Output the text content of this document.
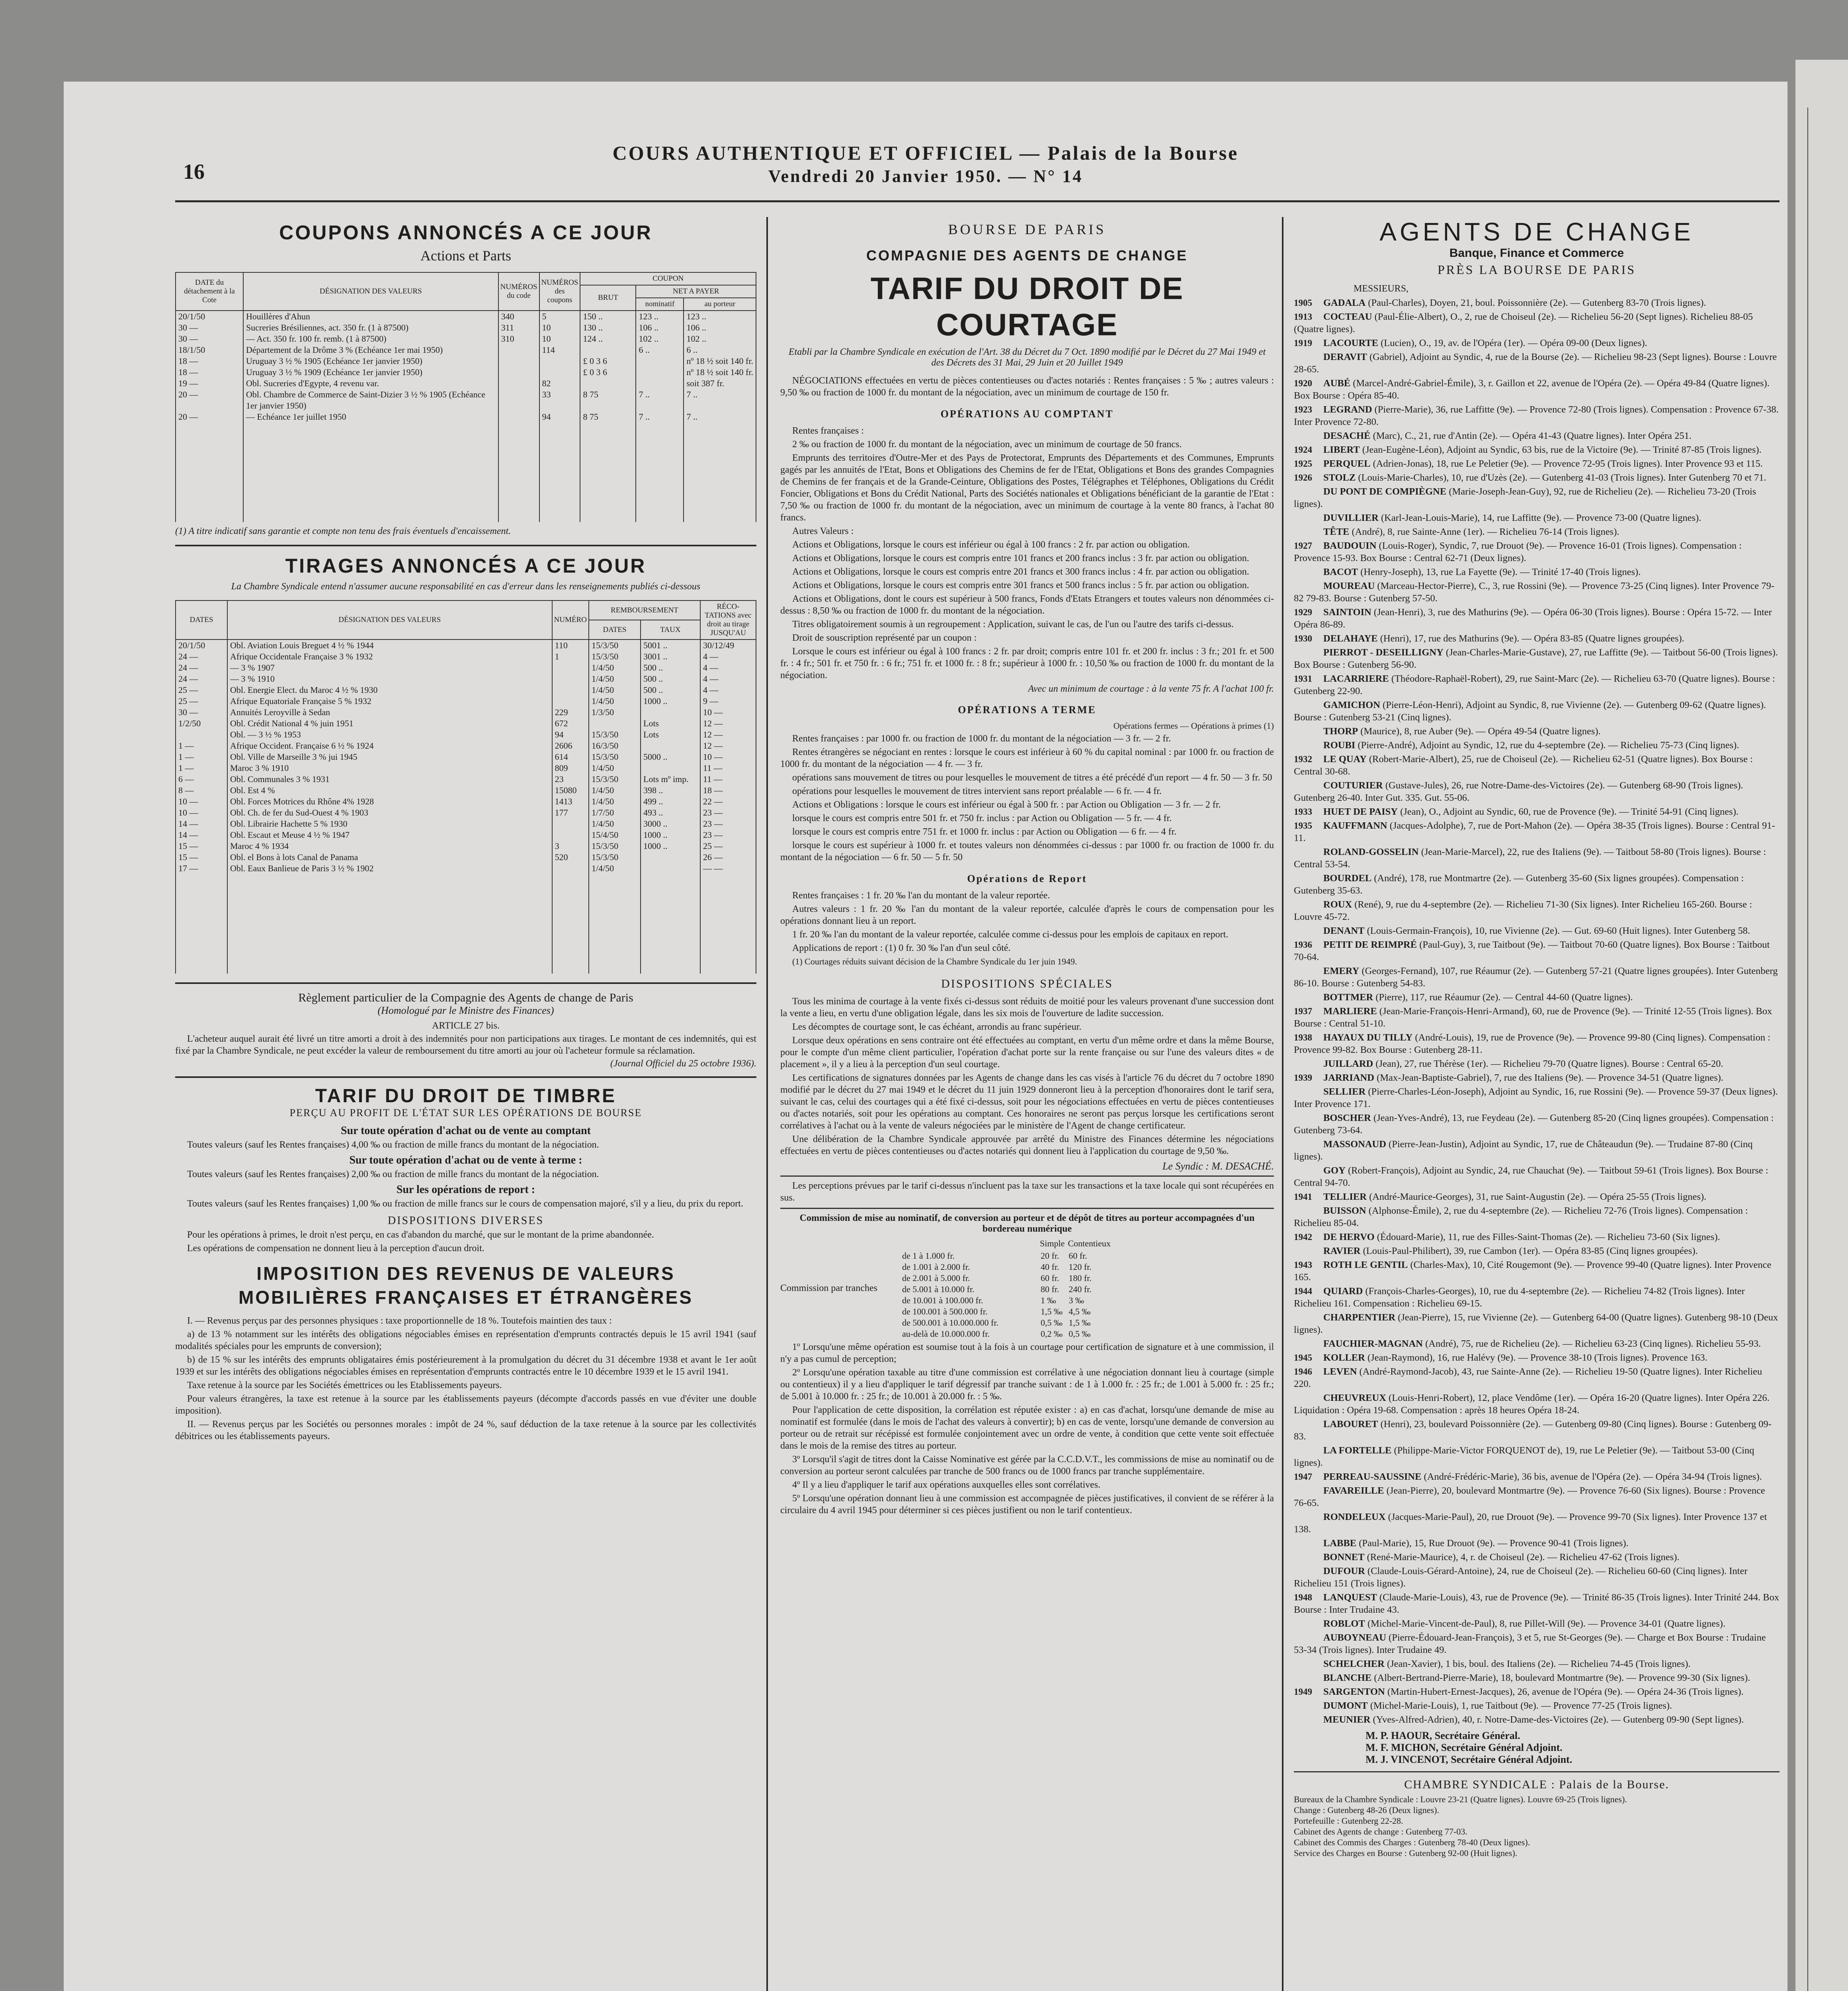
16
COURS AUTHENTIQUE ET OFFICIEL — Palais de la Bourse
Vendredi 20 Janvier 1950. — N° 14
COUPONS ANNONCÉS A CE JOUR
Actions et Parts
DATE du détachement à la Cote	DÉSIGNATION DES VALEURS	NUMÉROS du code	NUMÉROS des coupons	COUPON		
				BRUT	NET A PAYER	
					nominatif	au porteur
20/1/50	Houillères d'Ahun	340	5	150 ..	123 ..	123 ..
30 —	Sucreries Brésiliennes, act. 350 fr. (1 à 87500)	311	10	130 ..	106 ..	106 ..
30 —	— Act. 350 fr. 100 fr. remb. (1 à 87500)	310	10	124 ..	102 ..	102 ..
18/1/50	Département de la Drôme 3 % (Echéance 1er mai 1950)		114		6 ..	6 ..
18 —	Uruguay 3 ½ % 1905 (Echéance 1er janvier 1950)			£ 0 3 6		nº 18 ½ soit 140 fr.
18 —	Uruguay 3 ½ % 1909 (Echéance 1er janvier 1950)			£ 0 3 6		nº 18 ½ soit 140 fr.
19 —	Obl. Sucreries d'Egypte, 4 revenu var.		82			soit 387 fr.
20 —	Obl. Chambre de Commerce de Saint-Dizier 3 ½ % 1905 (Echéance 1er janvier 1950)		33	8 75	7 ..	7 ..
20 —	— Echéance 1er juillet 1950		94	8 75	7 ..	7 ..

(1) A titre indicatif sans garantie et compte non tenu des frais éventuels d'encaissement.
TIRAGES ANNONCÉS A CE JOUR
La Chambre Syndicale entend n'assumer aucune responsabilité en cas d'erreur dans les renseignements publiés ci-dessous
DATES	DÉSIGNATION DES VALEURS	NUMÉRO	REMBOURSEMENT		RÉCO- TATIONS avec droit au tirage JUSQU'AU
			DATES	TAUX	
20/1/50	Obl. Aviation Louis Breguet 4 ½ % 1944	110	15/3/50	5001 ..	30/12/49
24 —	Afrique Occidentale Française 3 % 1932	1	15/3/50	3001 ..	4 —
24 —	— 3 % 1907		1/4/50	500 ..	4 —
24 —	— 3 % 1910		1/4/50	500 ..	4 —
25 —	Obl. Energie Elect. du Maroc 4 ½ % 1930		1/4/50	500 ..	4 —
25 —	Afrique Equatoriale Française 5 % 1932		1/4/50	1000 ..	9 —
30 —	Annuités Leroyville à Sedan	229	1/3/50		10 —
1/2/50	Obl. Crédit National 4 % juin 1951	672		Lots	12 —
	Obl. — 3 ½ % 1953	94	15/3/50	Lots	12 —
1 —	Afrique Occident. Française 6 ½ % 1924	2606	16/3/50		12 —
1 —	Obl. Ville de Marseille 3 % jui 1945	614	15/3/50	5000 ..	10 —
1 —	Maroc 3 % 1910	809	1/4/50		11 —
6 —	Obl. Communales 3 % 1931	23	15/3/50	Lots mº imp.	11 —
8 —	Obl. Est 4 %	15080	1/4/50	398 ..	18 —
10 —	Obl. Forces Motrices du Rhône 4% 1928	1413	1/4/50	499 ..	22 —
10 —	Obl. Ch. de fer du Sud-Ouest 4 % 1903	177	1/7/50	493 ..	23 —
14 —	Obl. Librairie Hachette 5 % 1930		1/4/50	3000 ..	23 —
14 —	Obl. Escaut et Meuse 4 ½ % 1947		15/4/50	1000 ..	23 —
15 —	Maroc 4 % 1934	3	15/3/50	1000 ..	25 —
15 —	Obl. el Bons à lots Canal de Panama	520	15/3/50		26 —
17 —	Obl. Eaux Banlieue de Paris 3 ½ % 1902		1/4/50		— —

Règlement particulier de la Compagnie des Agents de change de Paris
(Homologué par le Ministre des Finances)
ARTICLE 27 bis.
L'acheteur auquel aurait été livré un titre amorti a droit à des indemnités pour non participations aux tirages. Le montant de ces indemnités, qui est fixé par la Chambre Syndicale, ne peut excéder la valeur de remboursement du titre amorti au jour où l'acheteur formule sa réclamation.
(Journal Officiel du 25 octobre 1936).
TARIF DU DROIT DE TIMBRE
PERÇU AU PROFIT DE L'ÉTAT SUR LES OPÉRATIONS DE BOURSE
Sur toute opération d'achat ou de vente au comptant
Toutes valeurs (sauf les Rentes françaises) 4,00 ‰ ou fraction de mille francs du montant de la négociation.
Sur toute opération d'achat ou de vente à terme :
Toutes valeurs (sauf les Rentes françaises) 2,00 ‰ ou fraction de mille francs du montant de la négociation.
Sur les opérations de report :
Toutes valeurs (sauf les Rentes françaises) 1,00 ‰ ou fraction de mille francs sur le cours de compensation majoré, s'il y a lieu, du prix du report.
DISPOSITIONS DIVERSES
Pour les opérations à primes, le droit n'est perçu, en cas d'abandon du marché, que sur le montant de la prime abandonnée.
Les opérations de compensation ne donnent lieu à la perception d'aucun droit.
IMPOSITION DES REVENUS DE VALEURS MOBILIÈRES FRANÇAISES ET ÉTRANGÈRES
I. — Revenus perçus par des personnes physiques : taxe proportionnelle de 18 %. Toutefois maintien des taux :
a) de 13 % notamment sur les intérêts des obligations négociables émises en représentation d'emprunts contractés depuis le 15 avril 1941 (sauf modalités spéciales pour les emprunts de conversion);
b) de 15 % sur les intérêts des emprunts obligataires émis postérieurement à la promulgation du décret du 31 décembre 1938 et avant le 1er août 1939 et sur les intérêts des obligations négociables émises en représentation d'emprunts contractés entre le 10 décembre 1939 et le 15 avril 1941.
Taxe retenue à la source par les Sociétés émettrices ou les Etablissements payeurs.
Pour valeurs étrangères, la taxe est retenue à la source par les établissements payeurs (décompte d'accords passés en vue d'éviter une double imposition).
II. — Revenus perçus par les Sociétés ou personnes morales : impôt de 24 %, sauf déduction de la taxe retenue à la source par les collectivités débitrices ou les établissements payeurs.
BOURSE DE PARIS
COMPAGNIE DES AGENTS DE CHANGE
TARIF DU DROIT DE COURTAGE
Etabli par la Chambre Syndicale en exécution de l'Art. 38 du Décret du 7 Oct. 1890 modifié par le Décret du 27 Mai 1949 et des Décrets des 31 Mai, 29 Juin et 20 Juillet 1949
NÉGOCIATIONS effectuées en vertu de pièces contentieuses ou d'actes notariés : Rentes françaises : 5 ‰ ; autres valeurs : 9,50 ‰ ou fraction de 1000 fr. du montant de la négociation, avec un minimum de courtage de 150 fr.
OPÉRATIONS AU COMPTANT
Rentes françaises :
2 ‰ ou fraction de 1000 fr. du montant de la négociation, avec un minimum de courtage de 50 francs.
Emprunts des territoires d'Outre-Mer et des Pays de Protectorat, Emprunts des Départements et des Communes, Emprunts gagés par les annuités de l'Etat, Bons et Obligations des Chemins de fer de l'Etat, Obligations et Bons des grandes Compagnies de Chemins de fer français et de la Grande-Ceinture, Obligations des Postes, Télégraphes et Téléphones, Obligations du Crédit Foncier, Obligations et Bons du Crédit National, Parts des Sociétés nationales et Obligations bénéficiant de la garantie de l'Etat : 7,50 ‰ ou fraction de 1000 fr. du montant de la négociation, avec un minimum de courtage à la vente 80 francs, à l'achat 80 francs.
Autres Valeurs :
Actions et Obligations, lorsque le cours est inférieur ou égal à 100 francs : 2 fr. par action ou obligation.
Actions et Obligations, lorsque le cours est compris entre 101 francs et 200 francs inclus : 3 fr. par action ou obligation.
Actions et Obligations, lorsque le cours est compris entre 201 francs et 300 francs inclus : 4 fr. par action ou obligation.
Actions et Obligations, lorsque le cours est compris entre 301 francs et 500 francs inclus : 5 fr. par action ou obligation.
Actions et Obligations, dont le cours est supérieur à 500 francs, Fonds d'Etats Etrangers et toutes valeurs non dénommées ci-dessus : 8,50 ‰ ou fraction de 1000 fr. du montant de la négociation.
Titres obligatoirement soumis à un regroupement : Application, suivant le cas, de l'un ou l'autre des tarifs ci-dessus.
Droit de souscription représenté par un coupon :
Lorsque le cours est inférieur ou égal à 100 francs : 2 fr. par droit; compris entre 101 fr. et 200 fr. inclus : 3 fr.; 201 fr. et 500 fr. : 4 fr.; 501 fr. et 750 fr. : 6 fr.; 751 fr. et 1000 fr. : 8 fr.; supérieur à 1000 fr. : 10,50 ‰ ou fraction de 1000 fr. du montant de la négociation.
Avec un minimum de courtage : à la vente 75 fr. A l'achat 100 fr.
OPÉRATIONS A TERME
Opérations fermes — Opérations à primes (1)
Rentes françaises : par 1000 fr. ou fraction de 1000 fr. du montant de la négociation — 3 fr. — 2 fr.
Rentes étrangères se négociant en rentes : lorsque le cours est inférieur à 60 % du capital nominal : par 1000 fr. ou fraction de 1000 fr. du montant de la négociation — 4 fr. — 3 fr.
opérations sans mouvement de titres ou pour lesquelles le mouvement de titres a été précédé d'un report — 4 fr. 50 — 3 fr. 50
opérations pour lesquelles le mouvement de titres intervient sans report préalable — 6 fr. — 4 fr.
Actions et Obligations : lorsque le cours est inférieur ou égal à 500 fr. : par Action ou Obligation — 3 fr. — 2 fr.
lorsque le cours est compris entre 501 fr. et 750 fr. inclus : par Action ou Obligation — 5 fr. — 4 fr.
lorsque le cours est compris entre 751 fr. et 1000 fr. inclus : par Action ou Obligation — 6 fr. — 4 fr.
lorsque le cours est supérieur à 1000 fr. et toutes valeurs non dénommées ci-dessus : par 1000 fr. ou fraction de 1000 fr. du montant de la négociation — 6 fr. 50 — 5 fr. 50
Opérations de Report
Rentes françaises : 1 fr. 20 ‰ l'an du montant de la valeur reportée.
Autres valeurs : 1 fr. 20 ‰ l'an du montant de la valeur reportée, calculée d'après le cours de compensation pour les opérations donnant lieu à un report.
1 fr. 20 ‰ l'an du montant de la valeur reportée, calculée comme ci-dessus pour les emplois de capitaux en report.
Applications de report : (1) 0 fr. 30 ‰ l'an d'un seul côté.
(1) Courtages réduits suivant décision de la Chambre Syndicale du 1er juin 1949.
DISPOSITIONS SPÉCIALES
Tous les minima de courtage à la vente fixés ci-dessus sont réduits de moitié pour les valeurs provenant d'une succession dont la vente a lieu, en vertu d'une obligation légale, dans les six mois de l'ouverture de ladite succession.
Les décomptes de courtage sont, le cas échéant, arrondis au franc supérieur.
Lorsque deux opérations en sens contraire ont été effectuées au comptant, en vertu d'un même ordre et dans la même Bourse, pour le compte d'un même client particulier, l'opération d'achat porte sur la rente française ou sur l'une des valeurs dites « de placement », il y a lieu à la perception d'un seul courtage.
Les certifications de signatures données par les Agents de change dans les cas visés à l'article 76 du décret du 7 octobre 1890 modifié par le décret du 27 mai 1949 et le décret du 11 juin 1929 donneront lieu à la perception d'honoraires dont le tarif sera, suivant le cas, celui des courtages qui a été fixé ci-dessus, soit pour les négociations effectuées en vertu de pièces contentieuses ou d'actes notariés, soit pour les opérations au comptant. Ces honoraires ne seront pas perçus lorsque les certifications seront corrélatives à l'achat ou à la vente de valeurs négociées par le ministère de l'Agent de change certificateur.
Une délibération de la Chambre Syndicale approuvée par arrêté du Ministre des Finances détermine les négociations effectuées en vertu de pièces contentieuses ou d'actes notariés qui donnent lieu à l'application du courtage de 9,50 ‰.
Le Syndic : M. DESACHÉ.
Les perceptions prévues par le tarif ci-dessus n'incluent pas la taxe sur les transactions et la taxe locale qui sont récupérées en sus.
Commission de mise au nominatif, de conversion au porteur et de dépôt de titres au porteur accompagnées d'un bordereau numérique
Commission par tranches
	Simple	Contentieux
de 1 à 1.000 fr.	20 fr.	60 fr.
de 1.001 à 2.000 fr.	40 fr.	120 fr.
de 2.001 à 5.000 fr.	60 fr.	180 fr.
de 5.001 à 10.000 fr.	80 fr.	240 fr.
de 10.001 à 100.000 fr.	1 ‰	3 ‰
de 100.001 à 500.000 fr.	1,5 ‰	4,5 ‰
de 500.001 à 10.000.000 fr.	0,5 ‰	1,5 ‰
au-delà de 10.000.000 fr.	0,2 ‰	0,5 ‰
1º Lorsqu'une même opération est soumise tout à la fois à un courtage pour certification de signature et à une commission, il n'y a pas cumul de perception;
2º Lorsqu'une opération taxable au titre d'une commission est corrélative à une négociation donnant lieu à courtage (simple ou contentieux) il y a lieu d'appliquer le tarif dégressif par tranche suivant : de 1 à 1.000 fr. : 25 fr.; de 1.001 à 5.000 fr. : 25 fr.; de 5.001 à 10.000 fr. : 25 fr.; de 10.001 à 20.000 fr. : 5 ‰.
Pour l'application de cette disposition, la corrélation est réputée exister : a) en cas d'achat, lorsqu'une demande de mise au nominatif est formulée (dans le mois de l'achat des valeurs à convertir); b) en cas de vente, lorsqu'une demande de conversion au porteur ou de retrait sur récépissé est formulée conjointement avec un ordre de vente, à condition que cette vente soit effectuée dans le mois de la remise des titres au porteur.
3º Lorsqu'il s'agit de titres dont la Caisse Nominative est gérée par la C.C.D.V.T., les commissions de mise au nominatif ou de conversion au porteur seront calculées par tranche de 500 francs ou de 1000 francs par tranche supplémentaire.
4º Il y a lieu d'appliquer le tarif aux opérations auxquelles elles sont corrélatives.
5º Lorsqu'une opération donnant lieu à une commission est accompagnée de pièces justificatives, il convient de se référer à la circulaire du 4 avril 1945 pour déterminer si ces pièces justifient ou non le tarif contentieux.
AGENTS DE CHANGE
Banque, Finance et Commerce
PRÈS LA BOURSE DE PARIS
MESSIEURS,
1905 GADALA (Paul-Charles), Doyen, 21, boul. Poissonnière (2e). — Gutenberg 83-70 (Trois lignes).
1913 COCTEAU (Paul-Élie-Albert), O., 2, rue de Choiseul (2e). — Richelieu 56-20 (Sept lignes). Richelieu 88-05 (Quatre lignes).
1919 LACOURTE (Lucien), O., 19, av. de l'Opéra (1er). — Opéra 09-00 (Deux lignes).
DERAVIT (Gabriel), Adjoint au Syndic, 4, rue de la Bourse (2e). — Richelieu 98-23 (Sept lignes). Bourse : Louvre 28-65.
1920 AUBÉ (Marcel-André-Gabriel-Émile), 3, r. Gaillon et 22, avenue de l'Opéra (2e). — Opéra 49-84 (Quatre lignes). Box Bourse : Opéra 85-40.
1923 LEGRAND (Pierre-Marie), 36, rue Laffitte (9e). — Provence 72-80 (Trois lignes). Compensation : Provence 67-38. Inter Provence 72-80.
DESACHÉ (Marc), C., 21, rue d'Antin (2e). — Opéra 41-43 (Quatre lignes). Inter Opéra 251.
1924 LIBERT (Jean-Eugène-Léon), Adjoint au Syndic, 63 bis, rue de la Victoire (9e). — Trinité 87-85 (Trois lignes).
1925 PERQUEL (Adrien-Jonas), 18, rue Le Peletier (9e). — Provence 72-95 (Trois lignes). Inter Provence 93 et 115.
1926 STOLZ (Louis-Marie-Charles), 10, rue d'Uzès (2e). — Gutenberg 41-03 (Trois lignes). Inter Gutenberg 70 et 71.
DU PONT DE COMPIÈGNE (Marie-Joseph-Jean-Guy), 92, rue de Richelieu (2e). — Richelieu 73-20 (Trois lignes).
DUVILLIER (Karl-Jean-Louis-Marie), 14, rue Laffitte (9e). — Provence 73-00 (Quatre lignes).
TÊTE (André), 8, rue Sainte-Anne (1er). — Richelieu 76-14 (Trois lignes).
1927 BAUDOUIN (Louis-Roger), Syndic, 7, rue Drouot (9e). — Provence 16-01 (Trois lignes). Compensation : Provence 15-93. Box Bourse : Central 62-71 (Deux lignes).
BACOT (Henry-Joseph), 13, rue La Fayette (9e). — Trinité 17-40 (Trois lignes).
MOUREAU (Marceau-Hector-Pierre), C., 3, rue Rossini (9e). — Provence 73-25 (Cinq lignes). Inter Provence 79-82 79-83. Bourse : Gutenberg 57-50.
1929 SAINTOIN (Jean-Henri), 3, rue des Mathurins (9e). — Opéra 06-30 (Trois lignes). Bourse : Opéra 15-72. — Inter Opéra 86-89.
1930 DELAHAYE (Henri), 17, rue des Mathurins (9e). — Opéra 83-85 (Quatre lignes groupées).
PIERROT - DESEILLIGNY (Jean-Charles-Marie-Gustave), 27, rue Laffitte (9e). — Taitbout 56-00 (Trois lignes). Box Bourse : Gutenberg 56-90.
1931 LACARRIERE (Théodore-Raphaël-Robert), 29, rue Saint-Marc (2e). — Richelieu 63-70 (Quatre lignes). Bourse : Gutenberg 22-90.
GAMICHON (Pierre-Léon-Henri), Adjoint au Syndic, 8, rue Vivienne (2e). — Gutenberg 09-62 (Quatre lignes). Bourse : Gutenberg 53-21 (Cinq lignes).
THORP (Maurice), 8, rue Auber (9e). — Opéra 49-54 (Quatre lignes).
ROUBI (Pierre-André), Adjoint au Syndic, 12, rue du 4-septembre (2e). — Richelieu 75-73 (Cinq lignes).
1932 LE QUAY (Robert-Marie-Albert), 25, rue de Choiseul (2e). — Richelieu 62-51 (Quatre lignes). Box Bourse : Central 30-68.
COUTURIER (Gustave-Jules), 26, rue Notre-Dame-des-Victoires (2e). — Gutenberg 68-90 (Trois lignes). Gutenberg 26-40. Inter Gut. 335. Gut. 55-06.
1933 HUET DE PAISY (Jean), O., Adjoint au Syndic, 60, rue de Provence (9e). — Trinité 54-91 (Cinq lignes).
1935 KAUFFMANN (Jacques-Adolphe), 7, rue de Port-Mahon (2e). — Opéra 38-35 (Trois lignes). Bourse : Central 91-11.
ROLAND-GOSSELIN (Jean-Marie-Marcel), 22, rue des Italiens (9e). — Taitbout 58-80 (Trois lignes). Bourse : Central 53-54.
BOURDEL (André), 178, rue Montmartre (2e). — Gutenberg 35-60 (Six lignes groupées). Compensation : Gutenberg 35-63.
ROUX (René), 9, rue du 4-septembre (2e). — Richelieu 71-30 (Six lignes). Inter Richelieu 165-260. Bourse : Louvre 45-72.
DENANT (Louis-Germain-François), 10, rue Vivienne (2e). — Gut. 69-60 (Huit lignes). Inter Gutenberg 58.
1936 PETIT DE REIMPRÉ (Paul-Guy), 3, rue Taitbout (9e). — Taitbout 70-60 (Quatre lignes). Box Bourse : Taitbout 70-64.
EMERY (Georges-Fernand), 107, rue Réaumur (2e). — Gutenberg 57-21 (Quatre lignes groupées). Inter Gutenberg 86-10. Bourse : Gutenberg 54-83.
BOTTMER (Pierre), 117, rue Réaumur (2e). — Central 44-60 (Quatre lignes).
1937 MARLIERE (Jean-Marie-François-Henri-Armand), 60, rue de Provence (9e). — Trinité 12-55 (Trois lignes). Box Bourse : Central 51-10.
1938 HAYAUX DU TILLY (André-Louis), 19, rue de Provence (9e). — Provence 99-80 (Cinq lignes). Compensation : Provence 99-82. Box Bourse : Gutenberg 28-11.
JUILLARD (Jean), 27, rue Thérèse (1er). — Richelieu 79-70 (Quatre lignes). Bourse : Central 65-20.
1939 JARRIAND (Max-Jean-Baptiste-Gabriel), 7, rue des Italiens (9e). — Provence 34-51 (Quatre lignes).
SELLIER (Pierre-Charles-Léon-Joseph), Adjoint au Syndic, 16, rue Rossini (9e). — Provence 59-37 (Deux lignes). Inter Provence 171.
BOSCHER (Jean-Yves-André), 13, rue Feydeau (2e). — Gutenberg 85-20 (Cinq lignes groupées). Compensation : Gutenberg 73-64.
MASSONAUD (Pierre-Jean-Justin), Adjoint au Syndic, 17, rue de Châteaudun (9e). — Trudaine 87-80 (Cinq lignes).
GOY (Robert-François), Adjoint au Syndic, 24, rue Chauchat (9e). — Taitbout 59-61 (Trois lignes). Box Bourse : Central 94-70.
1941 TELLIER (André-Maurice-Georges), 31, rue Saint-Augustin (2e). — Opéra 25-55 (Trois lignes).
BUISSON (Alphonse-Émile), 2, rue du 4-septembre (2e). — Richelieu 72-76 (Trois lignes). Compensation : Richelieu 85-04.
1942 DE HERVO (Édouard-Marie), 11, rue des Filles-Saint-Thomas (2e). — Richelieu 73-60 (Six lignes).
RAVIER (Louis-Paul-Philibert), 39, rue Cambon (1er). — Opéra 83-85 (Cinq lignes groupées).
1943 ROTH LE GENTIL (Charles-Max), 10, Cité Rougemont (9e). — Provence 99-40 (Quatre lignes). Inter Provence 165.
1944 QUIARD (François-Charles-Georges), 10, rue du 4-septembre (2e). — Richelieu 74-82 (Trois lignes). Inter Richelieu 161. Compensation : Richelieu 69-15.
CHARPENTIER (Jean-Pierre), 15, rue Vivienne (2e). — Gutenberg 64-00 (Quatre lignes). Gutenberg 98-10 (Deux lignes).
FAUCHIER-MAGNAN (André), 75, rue de Richelieu (2e). — Richelieu 63-23 (Cinq lignes). Richelieu 55-93.
1945 KOLLER (Jean-Raymond), 16, rue Halévy (9e). — Provence 38-10 (Trois lignes). Provence 163.
1946 LEVEN (André-Raymond-Jacob), 43, rue Sainte-Anne (2e). — Richelieu 19-50 (Quatre lignes). Inter Richelieu 220.
CHEUVREUX (Louis-Henri-Robert), 12, place Vendôme (1er). — Opéra 16-20 (Quatre lignes). Inter Opéra 226. Liquidation : Opéra 19-68. Compensation : après 18 heures Opéra 18-24.
LABOURET (Henri), 23, boulevard Poissonnière (2e). — Gutenberg 09-80 (Cinq lignes). Bourse : Gutenberg 09-83.
LA FORTELLE (Philippe-Marie-Victor FORQUENOT de), 19, rue Le Peletier (9e). — Taitbout 53-00 (Cinq lignes).
1947 PERREAU-SAUSSINE (André-Frédéric-Marie), 36 bis, avenue de l'Opéra (2e). — Opéra 34-94 (Trois lignes).
FAVAREILLE (Jean-Pierre), 20, boulevard Montmartre (9e). — Provence 76-60 (Six lignes). Bourse : Provence 76-65.
RONDELEUX (Jacques-Marie-Paul), 20, rue Drouot (9e). — Provence 99-70 (Six lignes). Inter Provence 137 et 138.
LABBE (Paul-Marie), 15, Rue Drouot (9e). — Provence 90-41 (Trois lignes).
BONNET (René-Marie-Maurice), 4, r. de Choiseul (2e). — Richelieu 47-62 (Trois lignes).
DUFOUR (Claude-Louis-Gérard-Antoine), 24, rue de Choiseul (2e). — Richelieu 60-60 (Cinq lignes). Inter Richelieu 151 (Trois lignes).
1948 LANQUEST (Claude-Marie-Louis), 43, rue de Provence (9e). — Trinité 86-35 (Trois lignes). Inter Trinité 244. Box Bourse : Inter Trudaine 43.
ROBLOT (Michel-Marie-Vincent-de-Paul), 8, rue Pillet-Will (9e). — Provence 34-01 (Quatre lignes).
AUBOYNEAU (Pierre-Édouard-Jean-François), 3 et 5, rue St-Georges (9e). — Charge et Box Bourse : Trudaine 53-34 (Trois lignes). Inter Trudaine 49.
SCHELCHER (Jean-Xavier), 1 bis, boul. des Italiens (2e). — Richelieu 74-45 (Trois lignes).
BLANCHE (Albert-Bertrand-Pierre-Marie), 18, boulevard Montmartre (9e). — Provence 99-30 (Six lignes).
1949 SARGENTON (Martin-Hubert-Ernest-Jacques), 26, avenue de l'Opéra (9e). — Opéra 24-36 (Trois lignes).
DUMONT (Michel-Marie-Louis), 1, rue Taitbout (9e). — Provence 77-25 (Trois lignes).
MEUNIER (Yves-Alfred-Adrien), 40, r. Notre-Dame-des-Victoires (2e). — Gutenberg 09-90 (Sept lignes).
M. P. HAOUR, Secrétaire Général.
M. F. MICHON, Secrétaire Général Adjoint.
M. J. VINCENOT, Secrétaire Général Adjoint.
CHAMBRE SYNDICALE : Palais de la Bourse.
Bureaux de la Chambre Syndicale : Louvre 23-21 (Quatre lignes). Louvre 69-25 (Trois lignes).
Change : Gutenberg 48-26 (Deux lignes).
Portefeuille : Gutenberg 22-28.
Cabinet des Agents de change : Gutenberg 77-03.
Cabinet des Commis des Charges : Gutenberg 78-40 (Deux lignes).
Service des Charges en Bourse : Gutenberg 92-00 (Huit lignes).
